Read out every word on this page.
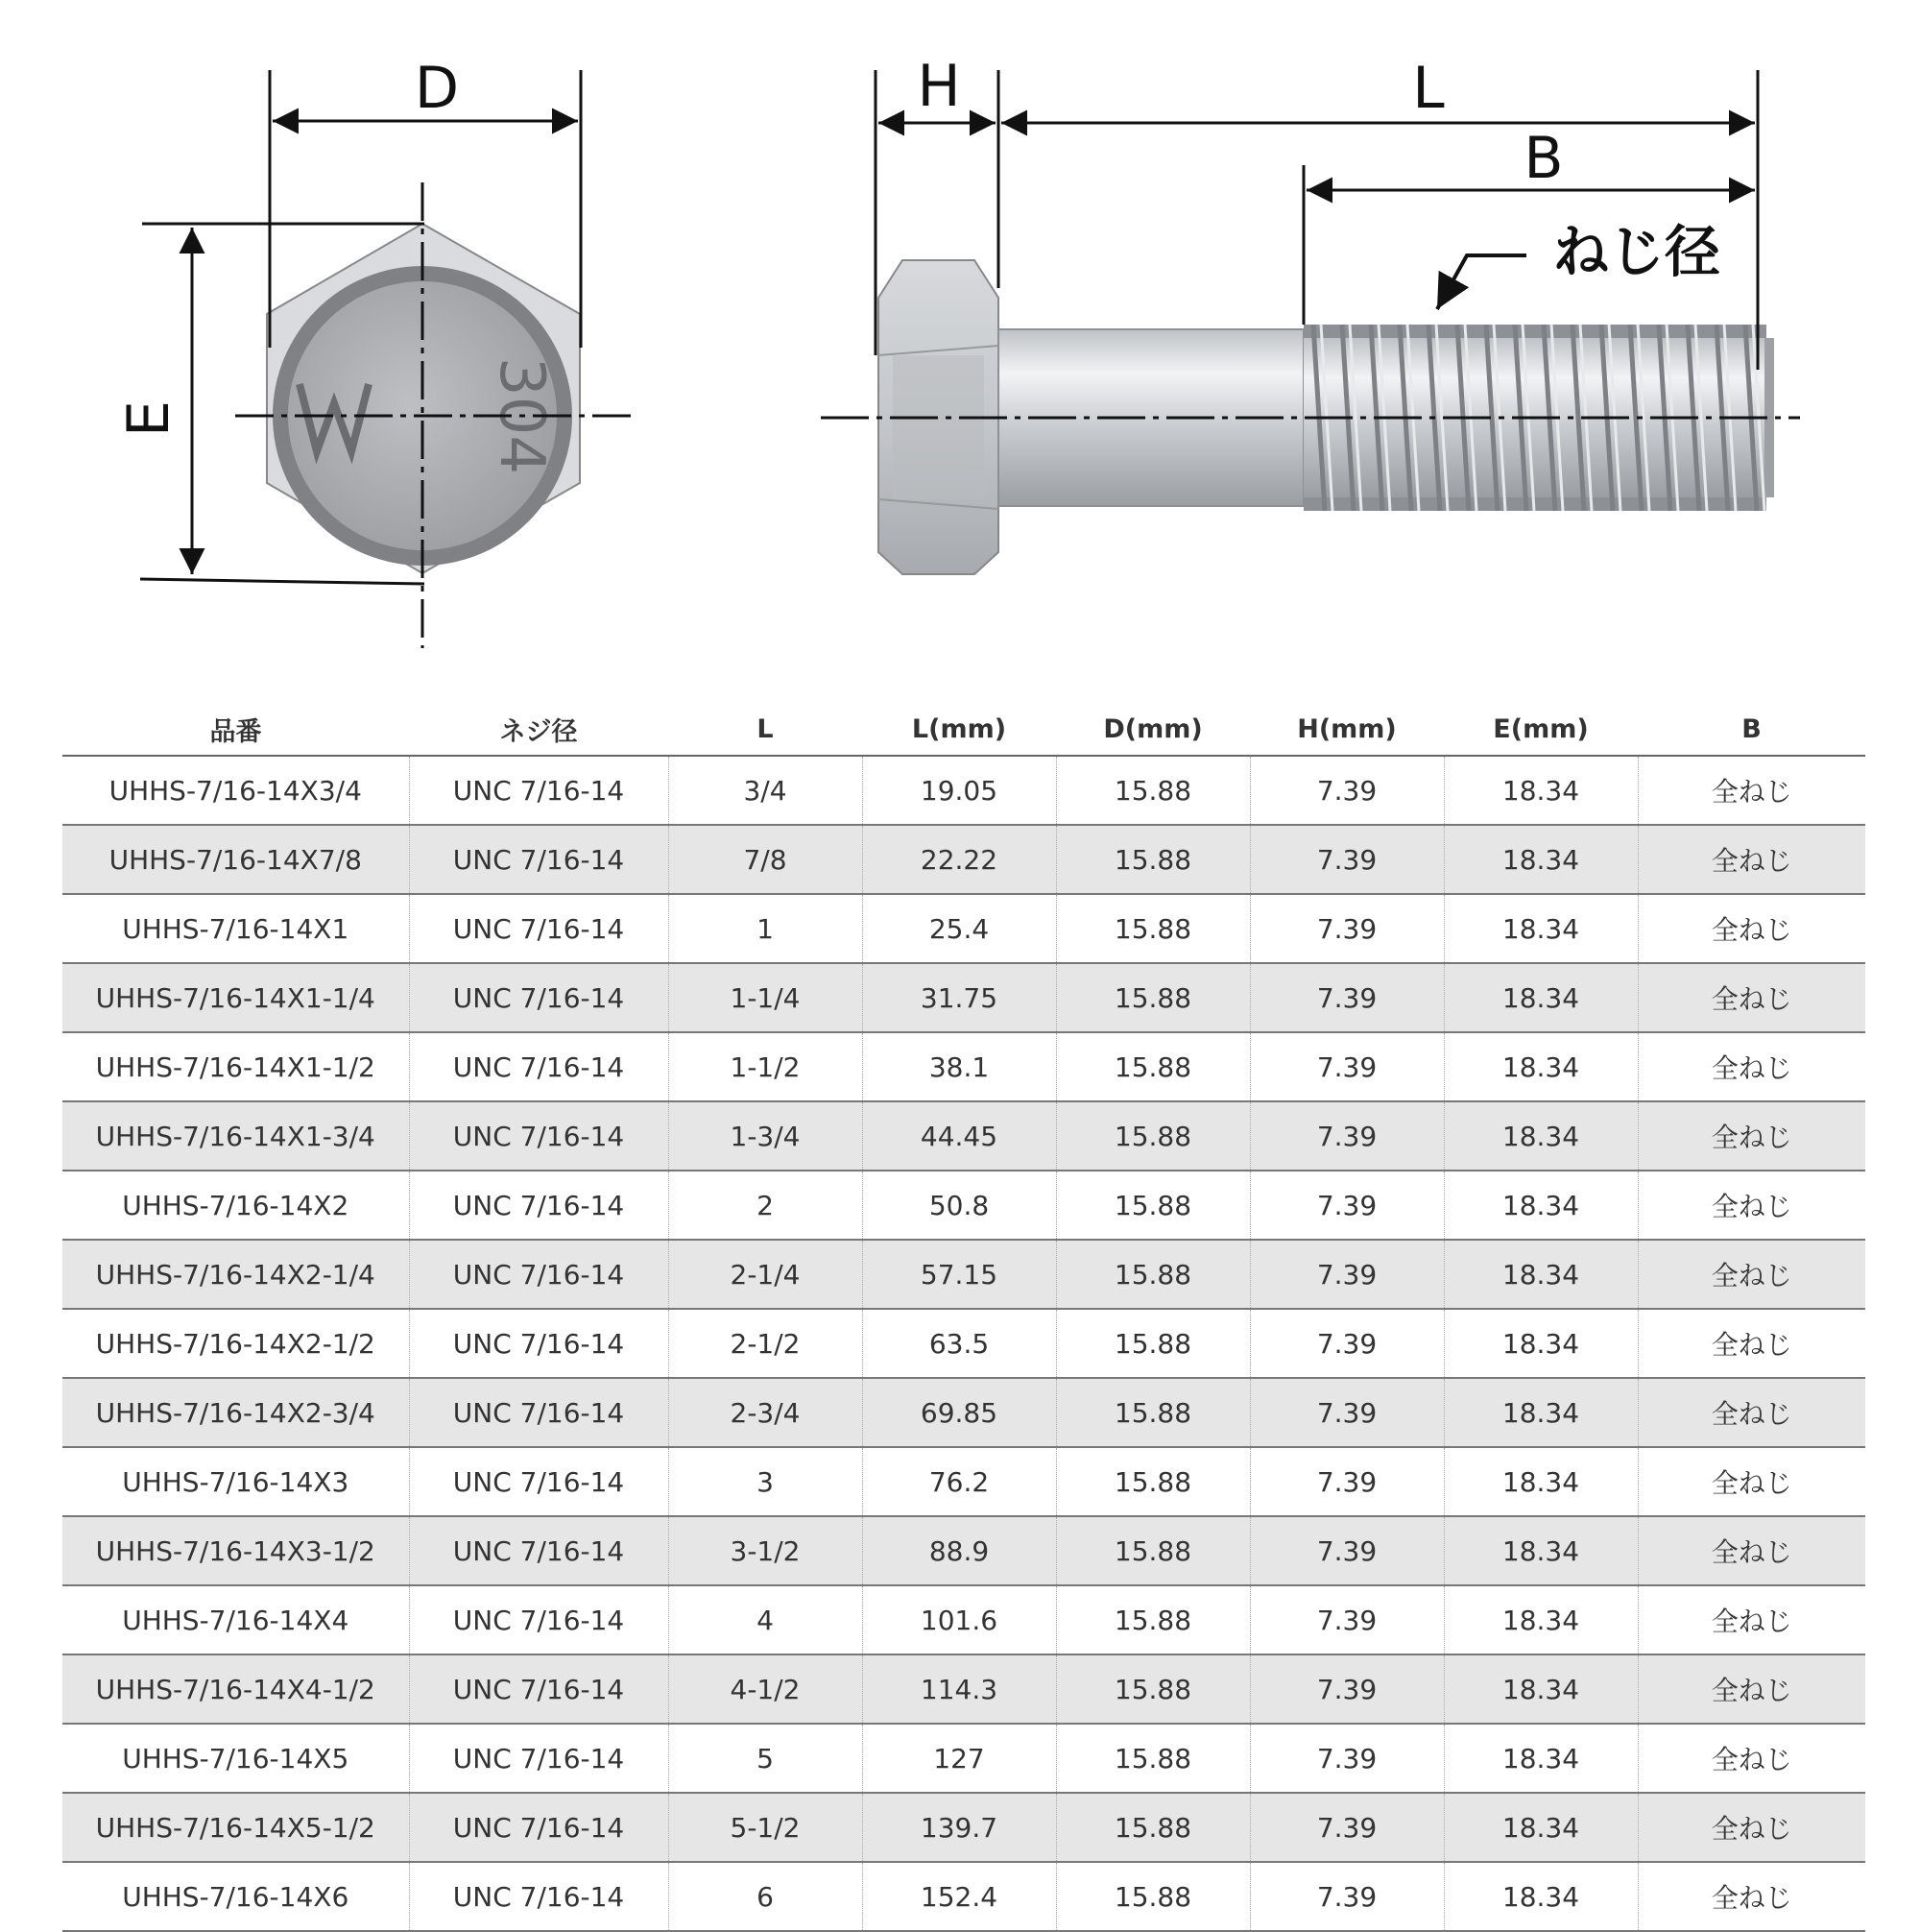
304
D
E
H	L
B
ねじ径
品番	ネジ径	L	L(mm)	D(mm)	H(mm)	E(mm)	B
UHHS-7/16-14X3/4	UNC 7/16-14	3/4	19.05	15.88	7.39	18.34	全ねじ
UHHS-7/16-14X7/8	UNC 7/16-14	7/8	22.22	15.88	7.39	18.34	全ねじ
UHHS-7/16-14X1	UNC 7/16-14	1	25.4	15.88	7.39	18.34	全ねじ
UHHS-7/16-14X1-1/4	UNC 7/16-14	1-1/4	31.75	15.88	7.39	18.34	全ねじ
UHHS-7/16-14X1-1/2	UNC 7/16-14	1-1/2	38.1	15.88	7.39	18.34	全ねじ
UHHS-7/16-14X1-3/4	UNC 7/16-14	1-3/4	44.45	15.88	7.39	18.34	全ねじ
UHHS-7/16-14X2	UNC 7/16-14	2	50.8	15.88	7.39	18.34	全ねじ
UHHS-7/16-14X2-1/4	UNC 7/16-14	2-1/4	57.15	15.88	7.39	18.34	全ねじ
UHHS-7/16-14X2-1/2	UNC 7/16-14	2-1/2	63.5	15.88	7.39	18.34	全ねじ
UHHS-7/16-14X2-3/4	UNC 7/16-14	2-3/4	69.85	15.88	7.39	18.34	全ねじ
UHHS-7/16-14X3	UNC 7/16-14	3	76.2	15.88	7.39	18.34	全ねじ
UHHS-7/16-14X3-1/2	UNC 7/16-14	3-1/2	88.9	15.88	7.39	18.34	全ねじ
UHHS-7/16-14X4	UNC 7/16-14	4	101.6	15.88	7.39	18.34	全ねじ
UHHS-7/16-14X4-1/2	UNC 7/16-14	4-1/2	114.3	15.88	7.39	18.34	全ねじ
UHHS-7/16-14X5	UNC 7/16-14	5	127	15.88	7.39	18.34	全ねじ
UHHS-7/16-14X5-1/2	UNC 7/16-14	5-1/2	139.7	15.88	7.39	18.34	全ねじ
UHHS-7/16-14X6	UNC 7/16-14	6	152.4	15.88	7.39	18.34	全ねじ
